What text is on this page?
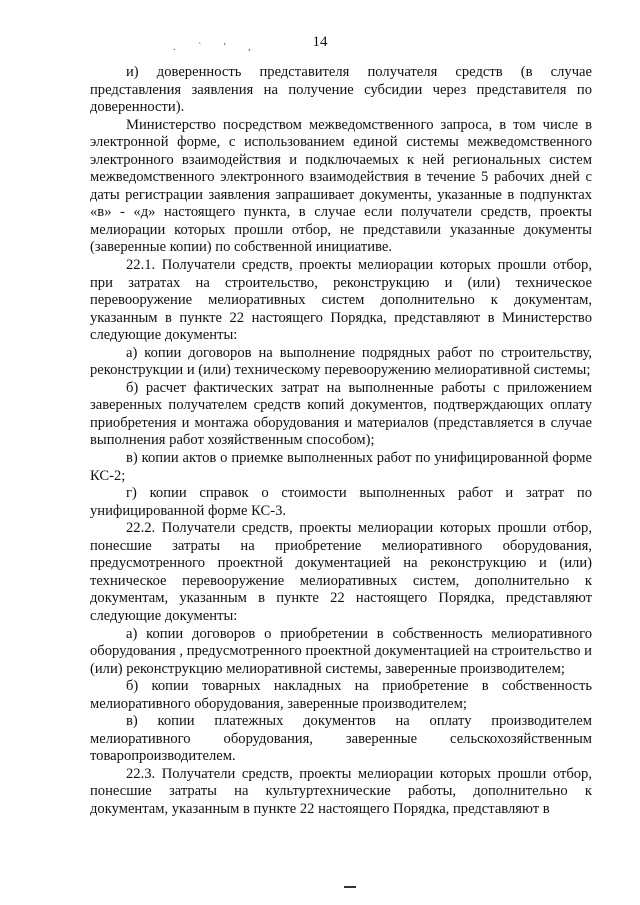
14
. ` ' ,

и) доверенность представителя получателя средств (в случае представления заявления на получение субсидии через представителя по доверенности).

Министерство посредством межведомственного запроса, в том числе в электронной форме, с использованием единой системы межведомственного электронного взаимодействия и подключаемых к ней региональных систем межведомственного электронного взаимодействия в течение 5 рабочих дней с даты регистрации заявления запрашивает документы, указанные в подпунктах «в» - «д» настоящего пункта, в случае если получатели средств, проекты мелиорации которых прошли отбор, не представили указанные документы (заверенные копии) по собственной инициативе.

22.1. Получатели средств, проекты мелиорации которых прошли отбор, при затратах на строительство, реконструкцию и (или) техническое перевооружение мелиоративных систем дополнительно к документам, указанным в пункте 22 настоящего Порядка, представляют в Министерство следующие документы:

а) копии договоров на выполнение подрядных работ по строительству, реконструкции и (или) техническому перевооружению мелиоративной системы;

б) расчет фактических затрат на выполненные работы с приложением заверенных получателем средств копий документов, подтверждающих оплату приобретения и монтажа оборудования и материалов (представляется в случае выполнения работ хозяйственным способом);

в) копии актов о приемке выполненных работ по унифицированной форме КС-2;

г) копии справок о стоимости выполненных работ и затрат по унифицированной форме КС-3.

22.2. Получатели средств, проекты мелиорации которых прошли отбор, понесшие затраты на приобретение мелиоративного оборудования, предусмотренного проектной документацией на реконструкцию и (или) техническое перевооружение мелиоративных систем, дополнительно к документам, указанным в пункте 22 настоящего Порядка, представляют следующие документы:

а) копии договоров о приобретении в собственность мелиоративного оборудования , предусмотренного проектной документацией на строительство и (или) реконструкцию мелиоративной системы, заверенные производителем;

б) копии товарных накладных на приобретение в собственность мелиоративного оборудования, заверенные производителем;

в) копии платежных документов на оплату производителем мелиоративного оборудования, заверенные сельскохозяйственным товаропроизводителем.

22.3. Получатели средств, проекты мелиорации которых прошли отбор, понесшие затраты на культуртехнические работы, дополнительно к документам, указанным в пункте 22 настоящего Порядка, представляют в
